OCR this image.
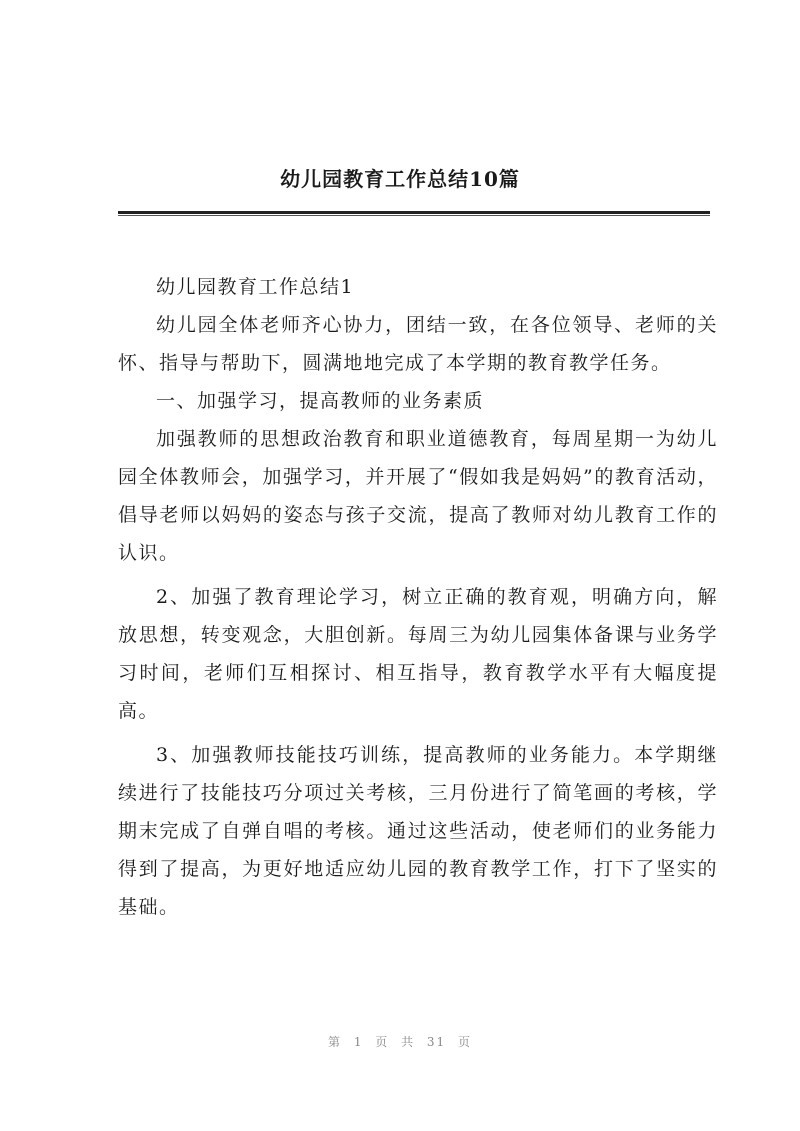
幼儿园教育工作总结10篇

幼儿园教育工作总结1

幼儿园全体老师齐心协力，团结一致，在各位领导、老师的关怀、指导与帮助下，圆满地地完成了本学期的教育教学任务。

一、加强学习，提高教师的业务素质

加强教师的思想政治教育和职业道德教育，每周星期一为幼儿园全体教师会，加强学习，并开展了“假如我是妈妈”的教育活动，倡导老师以妈妈的姿态与孩子交流，提高了教师对幼儿教育工作的认识。

2、加强了教育理论学习，树立正确的教育观，明确方向，解放思想，转变观念，大胆创新。每周三为幼儿园集体备课与业务学习时间，老师们互相探讨、相互指导，教育教学水平有大幅度提高。

3、加强教师技能技巧训练，提高教师的业务能力。本学期继续进行了技能技巧分项过关考核，三月份进行了简笔画的考核，学期末完成了自弹自唱的考核。通过这些活动，使老师们的业务能力得到了提高，为更好地适应幼儿园的教育教学工作，打下了坚实的基础。

第 1 页 共 31 页
